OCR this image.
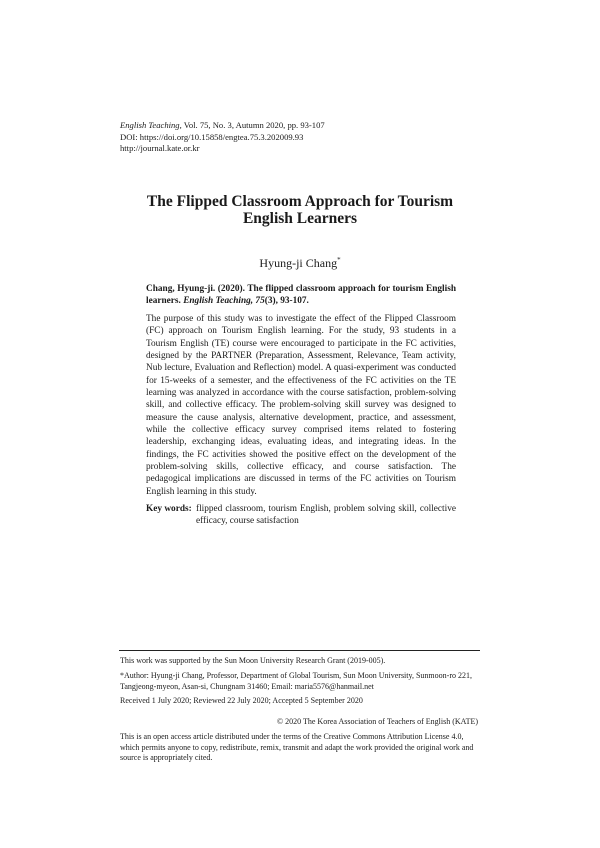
English Teaching, Vol. 75, No. 3, Autumn 2020, pp. 93-107
DOI: https://doi.org/10.15858/engtea.75.3.202009.93
http://journal.kate.or.kr
The Flipped Classroom Approach for Tourism
English Learners
Hyung-ji Chang*
Chang, Hyung-ji. (2020). The flipped classroom approach for tourism English learners. English Teaching, 75(3), 93-107.
The purpose of this study was to investigate the effect of the Flipped Classroom (FC) approach on Tourism English learning. For the study, 93 students in a Tourism English (TE) course were encouraged to participate in the FC activities, designed by the PARTNER (Preparation, Assessment, Relevance, Team activity, Nub lecture, Evaluation and Reflection) model. A quasi-experiment was conducted for 15-weeks of a semester, and the effectiveness of the FC activities on the TE learning was analyzed in accordance with the course satisfaction, problem-solving skill, and collective efficacy. The problem-solving skill survey was designed to measure the cause analysis, alternative development, practice, and assessment, while the collective efficacy survey comprised items related to fostering leadership, exchanging ideas, evaluating ideas, and integrating ideas. In the findings, the FC activities showed the positive effect on the development of the problem-solving skills, collective efficacy, and course satisfaction. The pedagogical implications are discussed in terms of the FC activities on Tourism English learning in this study.
Key words: flipped classroom, tourism English, problem solving skill, collective efficacy, course satisfaction
This work was supported by the Sun Moon University Research Grant (2019-005).
*Author: Hyung-ji Chang, Professor, Department of Global Tourism, Sun Moon University, Sunmoon-ro 221, Tangjeong-myeon, Asan-si, Chungnam 31460; Email: maria5576@hanmail.net
Received 1 July 2020; Reviewed 22 July 2020; Accepted 5 September 2020
© 2020 The Korea Association of Teachers of English (KATE)
This is an open access article distributed under the terms of the Creative Commons Attribution License 4.0, which permits anyone to copy, redistribute, remix, transmit and adapt the work provided the original work and source is appropriately cited.
